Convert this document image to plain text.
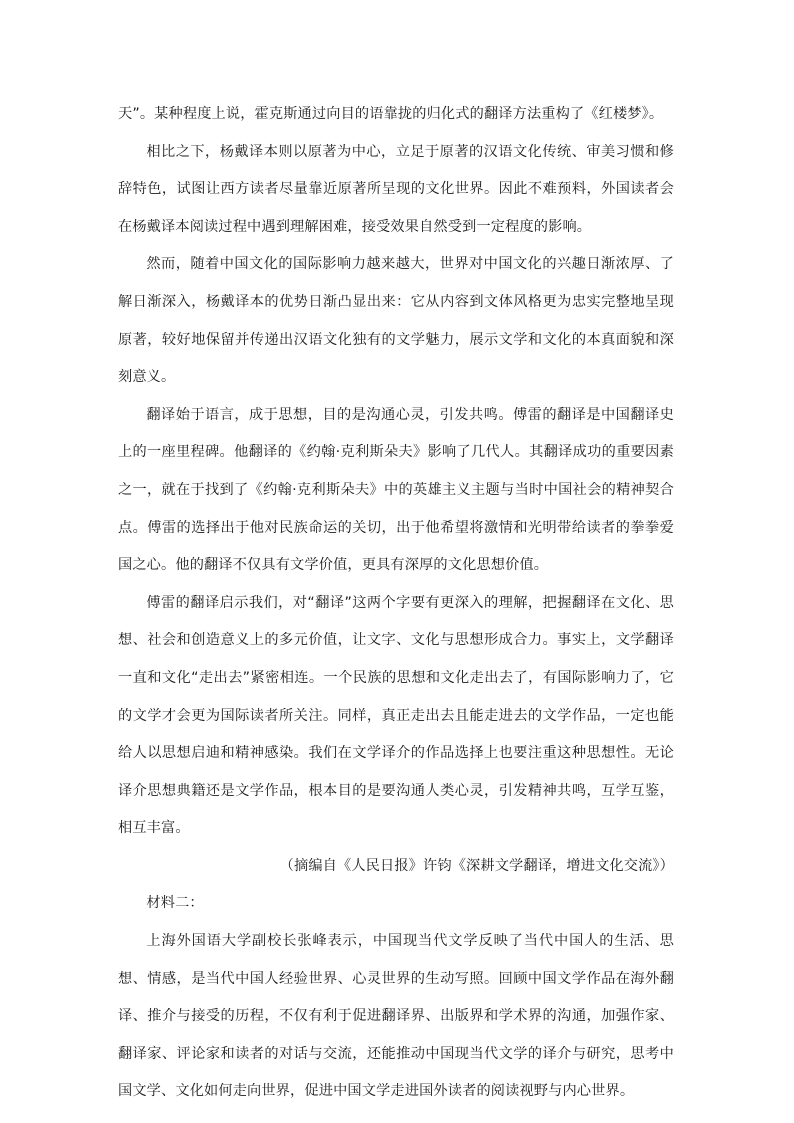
天”。某种程度上说，霍克斯通过向目的语靠拢的归化式的翻译方法重构了《红楼梦》。

相比之下，杨戴译本则以原著为中心，立足于原著的汉语文化传统、审美习惯和修辞特色，试图让西方读者尽量靠近原著所呈现的文化世界。因此不难预料，外国读者会在杨戴译本阅读过程中遇到理解困难，接受效果自然受到一定程度的影响。

然而，随着中国文化的国际影响力越来越大，世界对中国文化的兴趣日渐浓厚、了解日渐深入，杨戴译本的优势日渐凸显出来：它从内容到文体风格更为忠实完整地呈现原著，较好地保留并传递出汉语文化独有的文学魅力，展示文学和文化的本真面貌和深刻意义。

翻译始于语言，成于思想，目的是沟通心灵，引发共鸣。傅雷的翻译是中国翻译史上的一座里程碑。他翻译的《约翰·克利斯朵夫》影响了几代人。其翻译成功的重要因素之一，就在于找到了《约翰·克利斯朵夫》中的英雄主义主题与当时中国社会的精神契合点。傅雷的选择出于他对民族命运的关切，出于他希望将激情和光明带给读者的拳拳爱国之心。他的翻译不仅具有文学价值，更具有深厚的文化思想价值。

傅雷的翻译启示我们，对“翻译”这两个字要有更深入的理解，把握翻译在文化、思想、社会和创造意义上的多元价值，让文字、文化与思想形成合力。事实上，文学翻译一直和文化“走出去”紧密相连。一个民族的思想和文化走出去了，有国际影响力了，它的文学才会更为国际读者所关注。同样，真正走出去且能走进去的文学作品，一定也能给人以思想启迪和精神感染。我们在文学译介的作品选择上也要注重这种思想性。无论译介思想典籍还是文学作品，根本目的是要沟通人类心灵，引发精神共鸣，互学互鉴，相互丰富。

（摘编自《人民日报》许钧《深耕文学翻译，增进文化交流》）

材料二：

上海外国语大学副校长张峰表示，中国现当代文学反映了当代中国人的生活、思想、情感，是当代中国人经验世界、心灵世界的生动写照。回顾中国文学作品在海外翻译、推介与接受的历程，不仅有利于促进翻译界、出版界和学术界的沟通，加强作家、翻译家、评论家和读者的对话与交流，还能推动中国现当代文学的译介与研究，思考中国文学、文化如何走向世界，促进中国文学走进国外读者的阅读视野与内心世界。
